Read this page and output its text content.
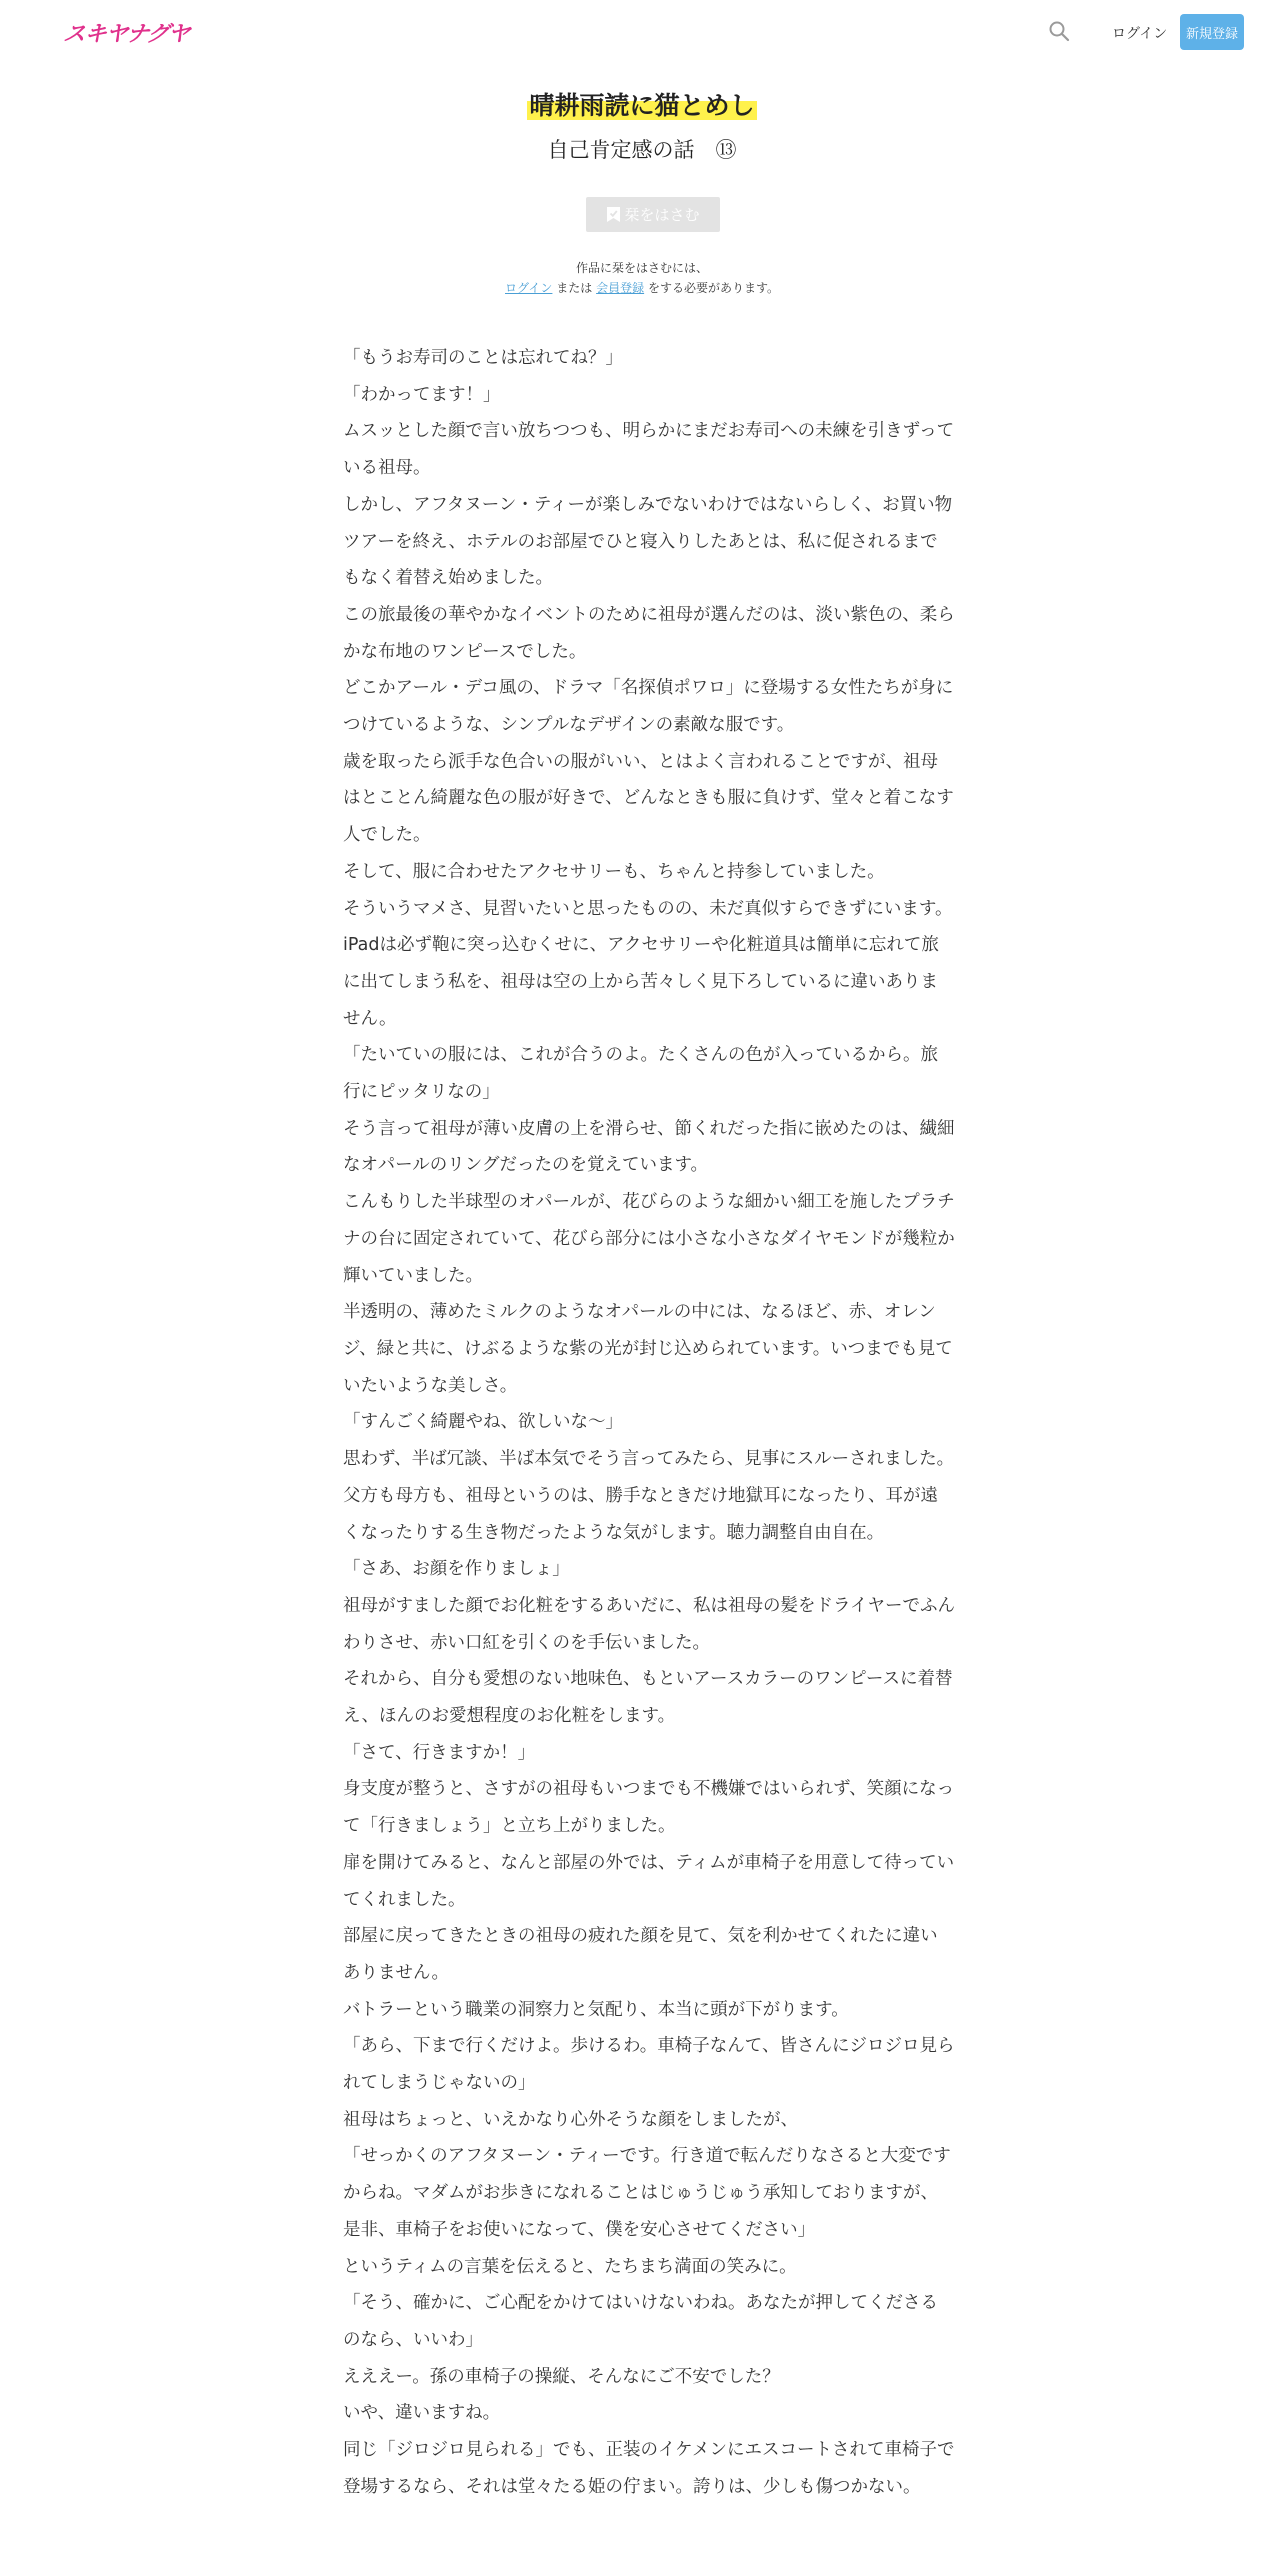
スキヤナグヤ	ログイン	新規登録
晴耕雨読に猫とめし
自己肯定感の話　⑬
栞をはさむ
作品に栞をはさむには、
ログイン または 会員登録 をする必要があります。

「もうお寿司のことは忘れてね？」

「わかってます！」

ムスッとした顔で言い放ちつつも、明らかにまだお寿司への未練を引きずっている祖母。

しかし、アフタヌーン・ティーが楽しみでないわけではないらしく、お買い物ツアーを終え、ホテルのお部屋でひと寝入りしたあとは、私に促されるまでもなく着替え始めました。

この旅最後の華やかなイベントのために祖母が選んだのは、淡い紫色の、柔らかな布地のワンピースでした。

どこかアール・デコ風の、ドラマ「名探偵ポワロ」に登場する女性たちが身につけているような、シンプルなデザインの素敵な服です。

歳を取ったら派手な色合いの服がいい、とはよく言われることですが、祖母はとことん綺麗な色の服が好きで、どんなときも服に負けず、堂々と着こなす人でした。

そして、服に合わせたアクセサリーも、ちゃんと持参していました。

そういうマメさ、見習いたいと思ったものの、未だ真似すらできずにいます。

iPadは必ず鞄に突っ込むくせに、アクセサリーや化粧道具は簡単に忘れて旅に出てしまう私を、祖母は空の上から苦々しく見下ろしているに違いありません。

「たいていの服には、これが合うのよ。たくさんの色が入っているから。旅行にピッタリなの」

そう言って祖母が薄い皮膚の上を滑らせ、節くれだった指に嵌めたのは、繊細なオパールのリングだったのを覚えています。

こんもりした半球型のオパールが、花びらのような細かい細工を施したプラチナの台に固定されていて、花びら部分には小さな小さなダイヤモンドが幾粒か輝いていました。

半透明の、薄めたミルクのようなオパールの中には、なるほど、赤、オレンジ、緑と共に、けぶるような紫の光が封じ込められています。いつまでも見ていたいような美しさ。

「すんごく綺麗やね、欲しいな～」

思わず、半ば冗談、半ば本気でそう言ってみたら、見事にスルーされました。

父方も母方も、祖母というのは、勝手なときだけ地獄耳になったり、耳が遠くなったりする生き物だったような気がします。聴力調整自由自在。

「さあ、お顔を作りましょ」

祖母がすました顔でお化粧をするあいだに、私は祖母の髪をドライヤーでふんわりさせ、赤い口紅を引くのを手伝いました。

それから、自分も愛想のない地味色、もといアースカラーのワンピースに着替え、ほんのお愛想程度のお化粧をします。

「さて、行きますか！」

身支度が整うと、さすがの祖母もいつまでも不機嫌ではいられず、笑顔になって「行きましょう」と立ち上がりました。

扉を開けてみると、なんと部屋の外では、ティムが車椅子を用意して待っていてくれました。

部屋に戻ってきたときの祖母の疲れた顔を見て、気を利かせてくれたに違いありません。

バトラーという職業の洞察力と気配り、本当に頭が下がります。

「あら、下まで行くだけよ。歩けるわ。車椅子なんて、皆さんにジロジロ見られてしまうじゃないの」

祖母はちょっと、いえかなり心外そうな顔をしましたが、

「せっかくのアフタヌーン・ティーです。行き道で転んだりなさると大変ですからね。マダムがお歩きになれることはじゅうじゅう承知しておりますが、是非、車椅子をお使いになって、僕を安心させてください」

というティムの言葉を伝えると、たちまち満面の笑みに。

「そう、確かに、ご心配をかけてはいけないわね。あなたが押してくださるのなら、いいわ」

えええー。孫の車椅子の操縦、そんなにご不安でした？

いや、違いますね。

同じ「ジロジロ見られる」でも、正装のイケメンにエスコートされて車椅子で登場するなら、それは堂々たる姫の佇まい。誇りは、少しも傷つかない。
